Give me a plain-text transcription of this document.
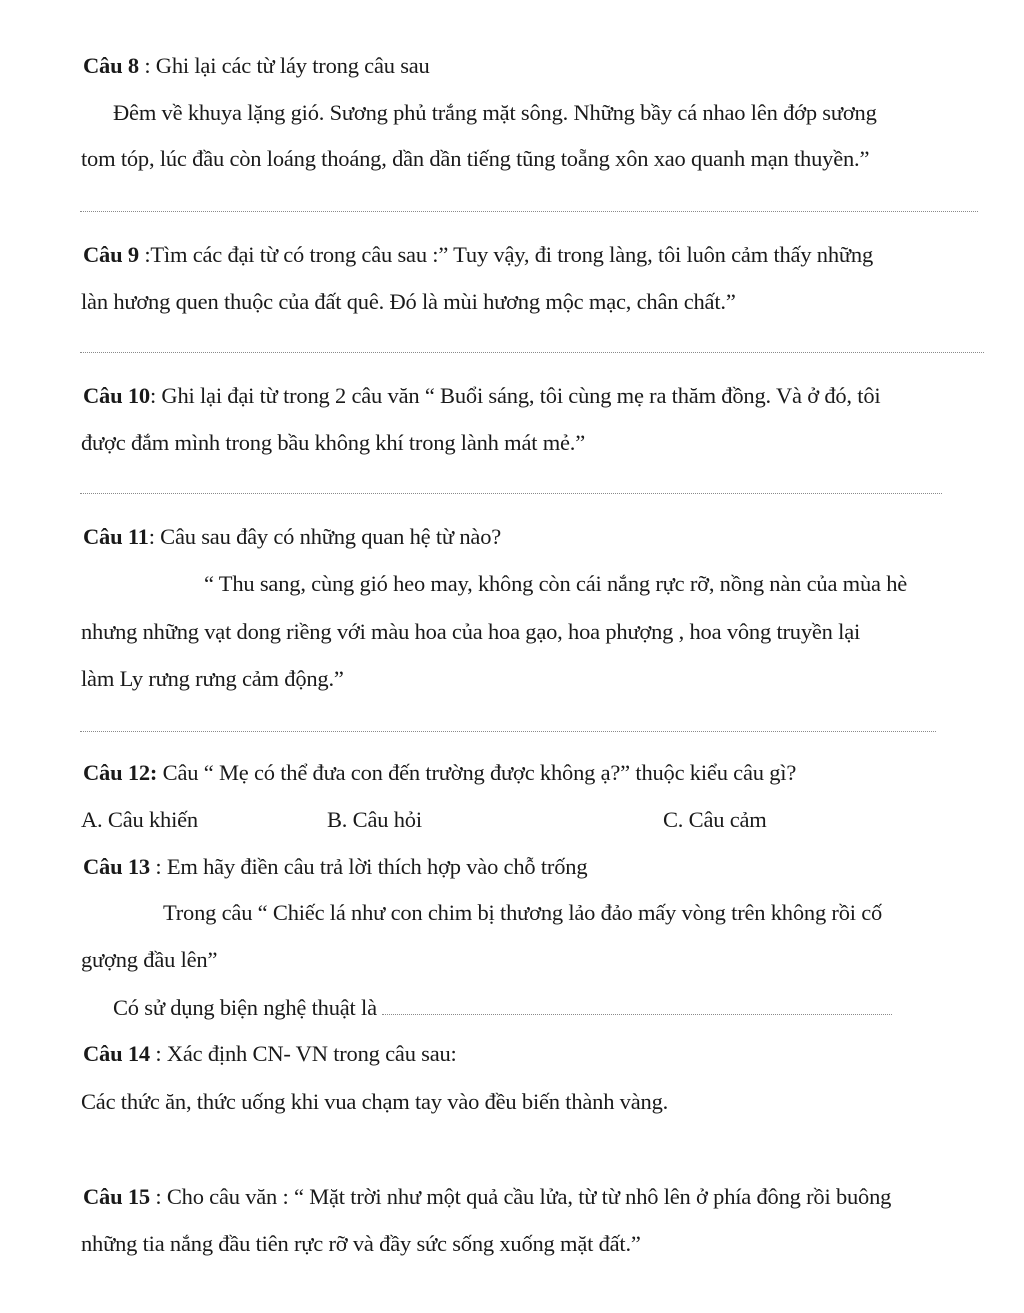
Câu 8 : Ghi lại các từ láy trong câu sau
Đêm về khuya lặng gió. Sương phủ trắng mặt sông. Những bầy cá nhao lên đớp sương
tom tóp, lúc đầu còn loáng thoáng, dần dần tiếng tũng toẵng xôn xao quanh mạn thuyền.”
Câu 9 :Tìm các đại từ có trong câu sau :” Tuy vậy, đi trong làng, tôi luôn cảm thấy những
làn hương quen thuộc của đất quê. Đó là mùi hương mộc mạc, chân chất.”
Câu 10: Ghi lại đại từ trong 2 câu văn “ Buổi sáng, tôi cùng mẹ ra thăm đồng. Và ở đó, tôi
được đắm mình trong bầu không khí trong lành mát mẻ.”
Câu 11: Câu sau đây có những quan hệ từ nào?
“ Thu sang, cùng gió heo may, không còn cái nắng rực rỡ, nồng nàn của mùa hè
nhưng những vạt dong riềng với màu hoa của hoa gạo, hoa phượng , hoa vông truyền lại
làm Ly rưng rưng cảm động.”
Câu 12: Câu “ Mẹ có thể đưa con đến trường được không ạ?” thuộc kiểu câu gì?
A. Câu khiến	B. Câu hỏi	C. Câu cảm
Câu 13 : Em hãy điền câu trả lời thích hợp vào chỗ trống
Trong câu “ Chiếc lá như con chim bị thương lảo đảo mấy vòng trên không rồi cố
gượng đầu lên”
Có sử dụng biện nghệ thuật là
Câu 14 : Xác định CN- VN trong câu sau:
Các thức ăn, thức uống khi vua chạm tay vào đều biến thành vàng.
Câu 15 : Cho câu văn : “ Mặt trời như một quả cầu lửa, từ từ nhô lên ở phía đông rồi buông
những tia nắng đầu tiên rực rỡ và đầy sức sống xuống mặt đất.”
